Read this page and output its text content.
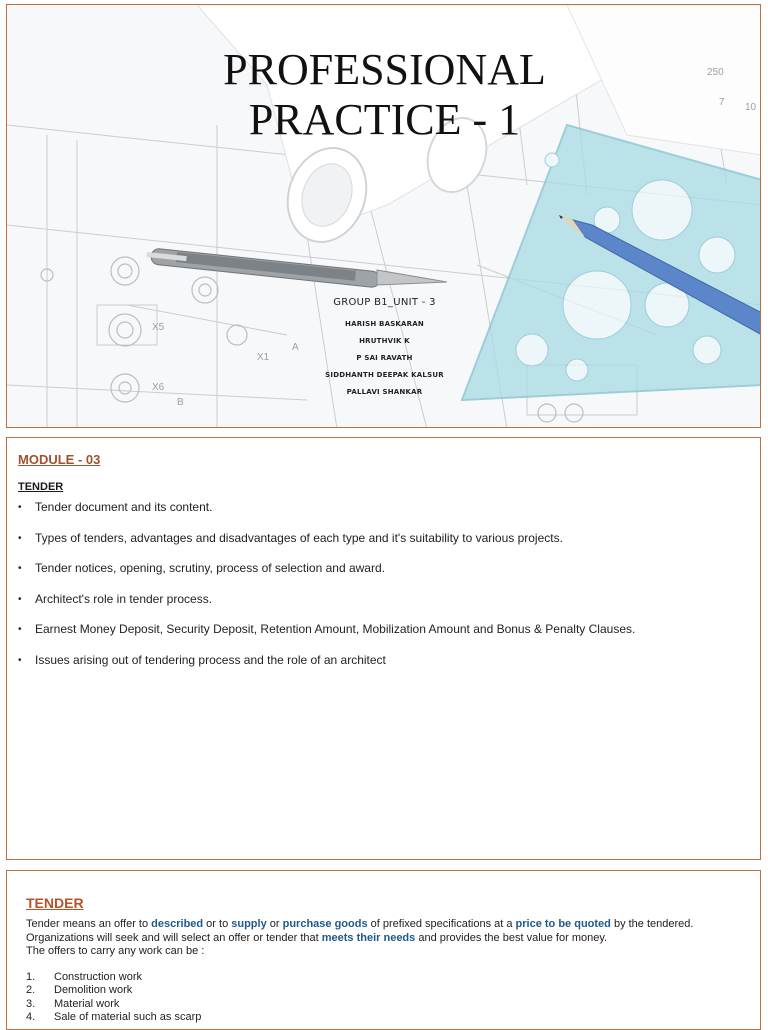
250
7 10
X1
X5
X6
A
B
PROFESSIONAL
PRACTICE - 1
GROUP B1_UNIT - 3
HARISH BASKARAN
HRUTHVIK K
P SAI RAVATH
SIDDHANTH DEEPAK KALSUR
PALLAVI SHANKAR
MODULE - 03
TENDER
• Tender document and its content.
• Types of tenders, advantages and disadvantages of each type and it's suitability to various projects.
• Tender notices, opening, scrutiny, process of selection and award.
• Architect's role in tender process.
• Earnest Money Deposit, Security Deposit, Retention Amount, Mobilization Amount and Bonus & Penalty Clauses.
• Issues arising out of tendering process and the role of an architect
TENDER
Tender means an offer to described or to supply or purchase goods of prefixed specifications at a price to be quoted by the tendered.
Organizations will seek and will select an offer or tender that meets their needs and provides the best value for money.
The offers to carry any work can be :
1. Construction work
2. Demolition work
3. Material work
4. Sale of material such as scarp
